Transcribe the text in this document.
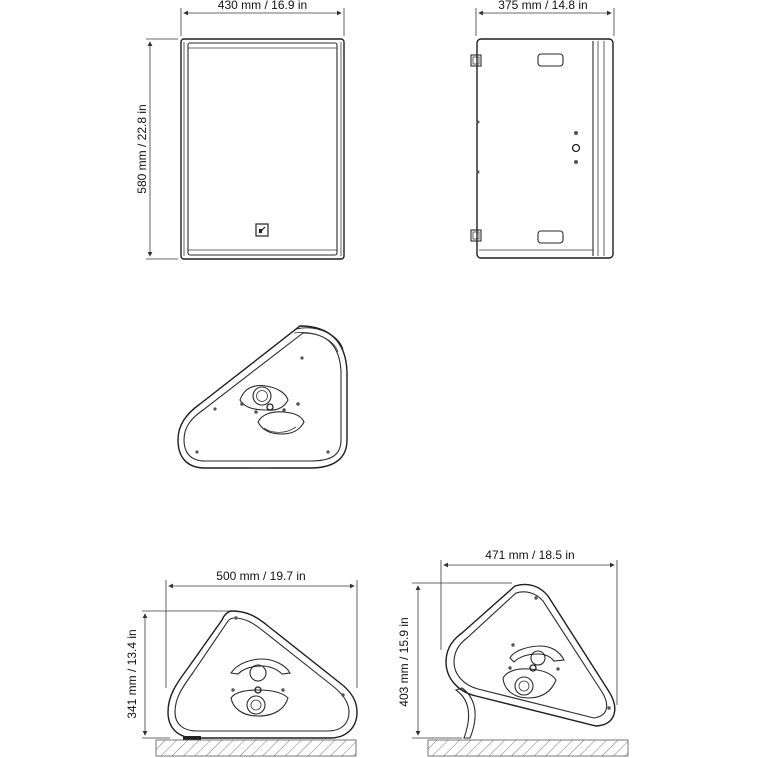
430 mm / 16.9 in
580 mm / 22.8 in
375 mm / 14.8 in
500 mm / 19.7 in
341 mm / 13.4 in
471 mm / 18.5 in
403 mm / 15.9 in
